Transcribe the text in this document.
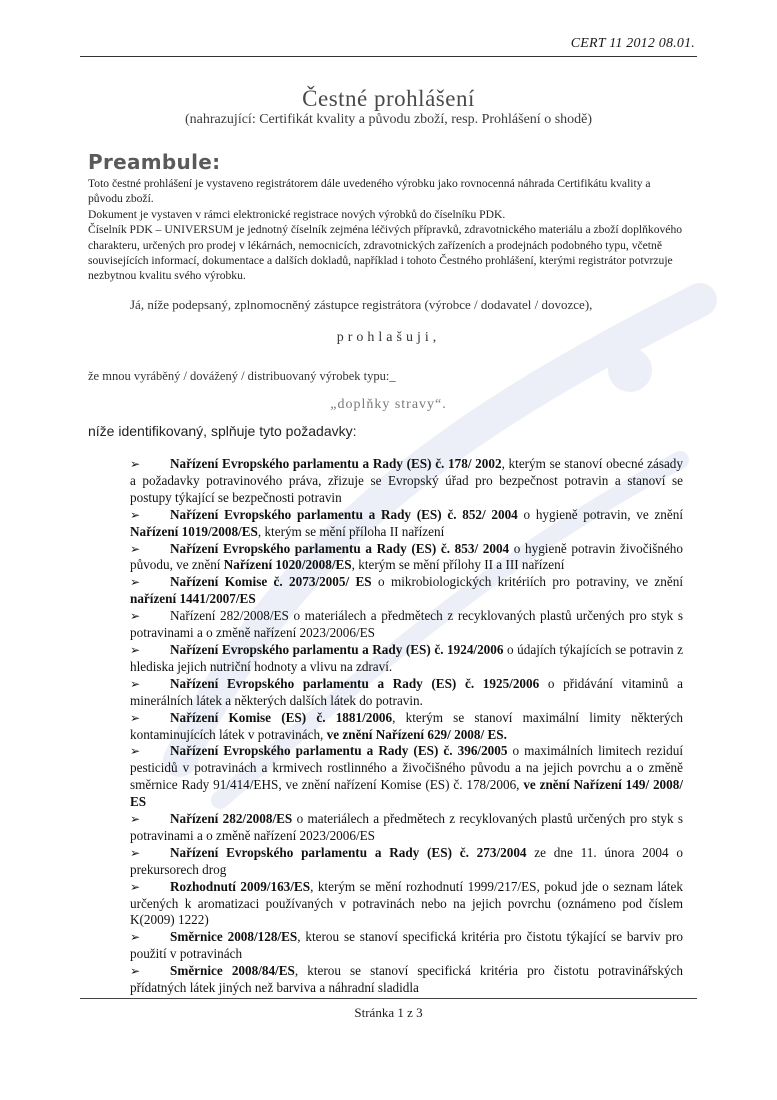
CERT 11 2012 08.01.
Čestné prohlášení
(nahrazující: Certifikát kvality a původu zboží, resp. Prohlášení o shodě)
Preambule:

Toto čestné prohlášení je vystaveno registrátorem dále uvedeného výrobku jako rovnocenná náhrada Certifikátu kvality a původu zboží.

Dokument je vystaven v rámci elektronické registrace nových výrobků do číselníku PDK.

Číselník PDK – UNIVERSUM je jednotný číselník zejména léčivých přípravků, zdravotnického materiálu a zboží doplňkového charakteru, určených pro prodej v lékárnách, nemocnicích, zdravotnických zařízeních a prodejnách podobného typu, včetně souvisejících informací, dokumentace a dalších dokladů, například i tohoto Čestného prohlášení, kterými registrátor potvrzuje nezbytnou kvalitu svého výrobku.

Já, níže podepsaný, zplnomocněný zástupce registrátora (výrobce / dodavatel / dovozce),
prohlašuji,
že mnou vyráběný / dovážený / distribuovaný výrobek typu:_
„doplňky stravy“.
níže identifikovaný, splňuje tyto požadavky:

➢ Nařízení Evropského parlamentu a Rady (ES) č. 178/ 2002, kterým se stanoví obecné zásady a požadavky potravinového práva, zřizuje se Evropský úřad pro bezpečnost potravin a stanoví se postupy týkající se bezpečnosti potravin

➢ Nařízení Evropského parlamentu a Rady (ES) č. 852/ 2004 o hygieně potravin, ve znění Nařízení 1019/2008/ES, kterým se mění příloha II nařízení

➢ Nařízení Evropského parlamentu a Rady (ES) č. 853/ 2004 o hygieně potravin živočišného původu, ve znění Nařízení 1020/2008/ES, kterým se mění přílohy II a III nařízení

➢ Nařízení Komise č. 2073/2005/ ES o mikrobiologických kritériích pro potraviny, ve znění nařízení 1441/2007/ES

➢ Nařízení 282/2008/ES o materiálech a předmětech z recyklovaných plastů určených pro styk s potravinami a o změně nařízení 2023/2006/ES

➢ Nařízení Evropského parlamentu a Rady (ES) č. 1924/2006 o údajích týkajících se potravin z hlediska jejich nutriční hodnoty a vlivu na zdraví.

➢ Nařízení Evropského parlamentu a Rady (ES) č. 1925/2006 o přidávání vitaminů a minerálních látek a některých dalších látek do potravin.

➢ Nařízení Komise (ES) č. 1881/2006, kterým se stanoví maximální limity některých kontaminujících látek v potravinách, ve znění Nařízení 629/ 2008/ ES.

➢ Nařízení Evropského parlamentu a Rady (ES) č. 396/2005 o maximálních limitech reziduí pesticidů v potravinách a krmivech rostlinného a živočišného původu a na jejich povrchu a o změně směrnice Rady 91/414/EHS, ve znění nařízení Komise (ES) č. 178/2006, ve znění Nařízení 149/ 2008/ ES

➢ Nařízení 282/2008/ES o materiálech a předmětech z recyklovaných plastů určených pro styk s potravinami a o změně nařízení 2023/2006/ES

➢ Nařízení Evropského parlamentu a Rady (ES) č. 273/2004 ze dne 11. února 2004 o prekursorech drog

➢ Rozhodnutí 2009/163/ES, kterým se mění rozhodnutí 1999/217/ES, pokud jde o seznam látek určených k aromatizaci používaných v potravinách nebo na jejich povrchu (oznámeno pod číslem K(2009) 1222)

➢ Směrnice 2008/128/ES, kterou se stanoví specifická kritéria pro čistotu týkající se barviv pro použití v potravinách

➢ Směrnice 2008/84/ES, kterou se stanoví specifická kritéria pro čistotu potravinářských přídatných látek jiných než barviva a náhradní sladidla

Stránka 1 z 3
